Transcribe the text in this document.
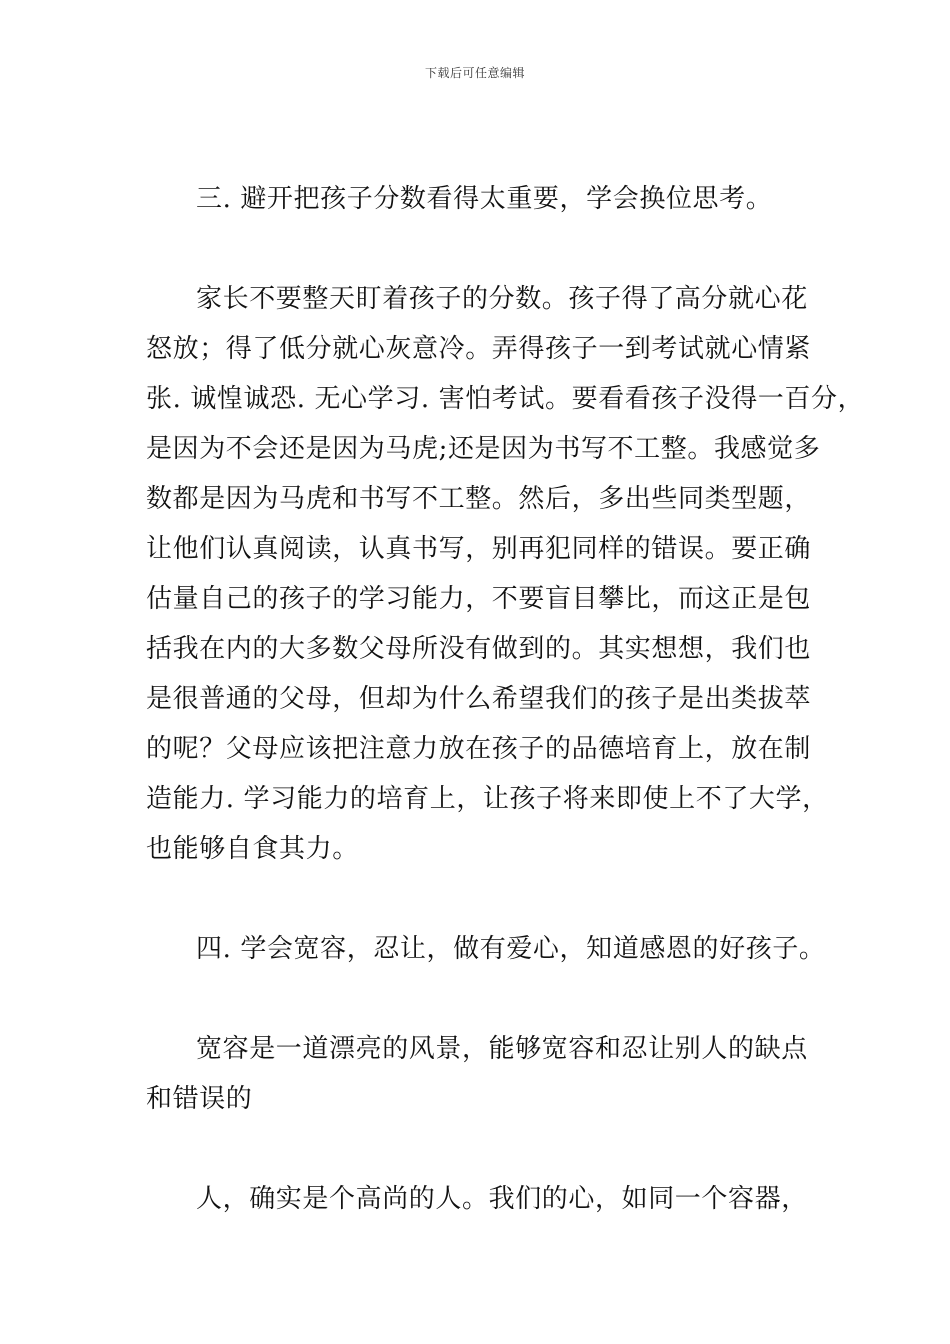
下载后可任意编辑
三. 避开把孩子分数看得太重要，学会换位思考。
家长不要整天盯着孩子的分数。孩子得了高分就心花
怒放；得了低分就心灰意冷。弄得孩子一到考试就心情紧
张. 诚惶诚恐. 无心学习. 害怕考试。要看看孩子没得一百分，
是因为不会还是因为马虎;还是因为书写不工整。我感觉多
数都是因为马虎和书写不工整。然后，多出些同类型题，
让他们认真阅读，认真书写，别再犯同样的错误。要正确
估量自己的孩子的学习能力，不要盲目攀比，而这正是包
括我在内的大多数父母所没有做到的。其实想想，我们也
是很普通的父母，但却为什么希望我们的孩子是出类拔萃
的呢？父母应该把注意力放在孩子的品德培育上，放在制
造能力. 学习能力的培育上，让孩子将来即使上不了大学，
也能够自食其力。
四. 学会宽容，忍让，做有爱心，知道感恩的好孩子。
宽容是一道漂亮的风景，能够宽容和忍让别人的缺点
和错误的
人，确实是个高尚的人。我们的心，如同一个容器，
